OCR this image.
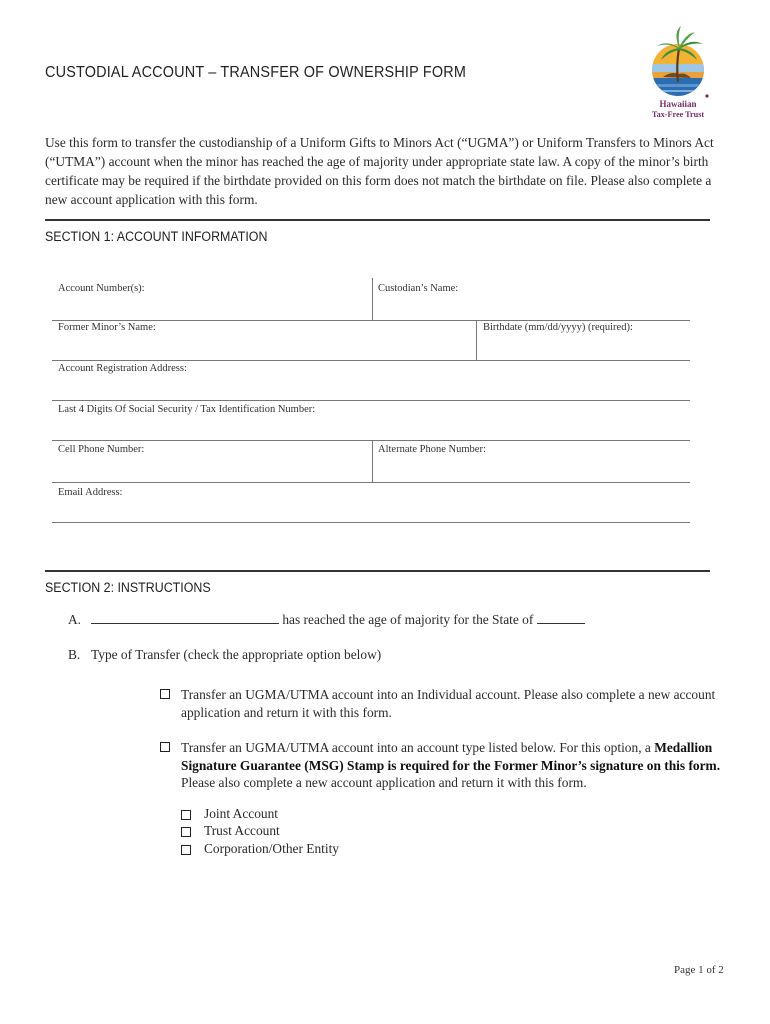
CUSTODIAL ACCOUNT – TRANSFER OF OWNERSHIP FORM
Hawaiian
Tax-Free Trust
Use this form to transfer the custodianship of a Uniform Gifts to Minors Act (“UGMA”) or Uniform Transfers to Minors Act (“UTMA”) account when the minor has reached the age of majority under appropriate state law. A copy of the minor’s birth certificate may be required if the birthdate provided on this form does not match the birthdate on file. Please also complete a new account application with this form.
SECTION 1: ACCOUNT INFORMATION
Account Number(s):	Custodian’s Name:
Former Minor’s Name:	Birthdate (mm/dd/yyyy) (required):
Account Registration Address:
Last 4 Digits Of Social Security / Tax Identification Number:
Cell Phone Number:	Alternate Phone Number:
Email Address:
SECTION 2: INSTRUCTIONS
A.	has reached the age of majority for the State of
B. Type of Transfer (check the appropriate option below)
Transfer an UGMA/UTMA account into an Individual account. Please also complete a new account application and return it with this form.
Transfer an UGMA/UTMA account into an account type listed below. For this option, a Medallion Signature Guarantee (MSG) Stamp is required for the Former Minor’s signature on this form. Please also complete a new account application and return it with this form.
Joint Account
Trust Account
Corporation/Other Entity
Page 1 of 2
